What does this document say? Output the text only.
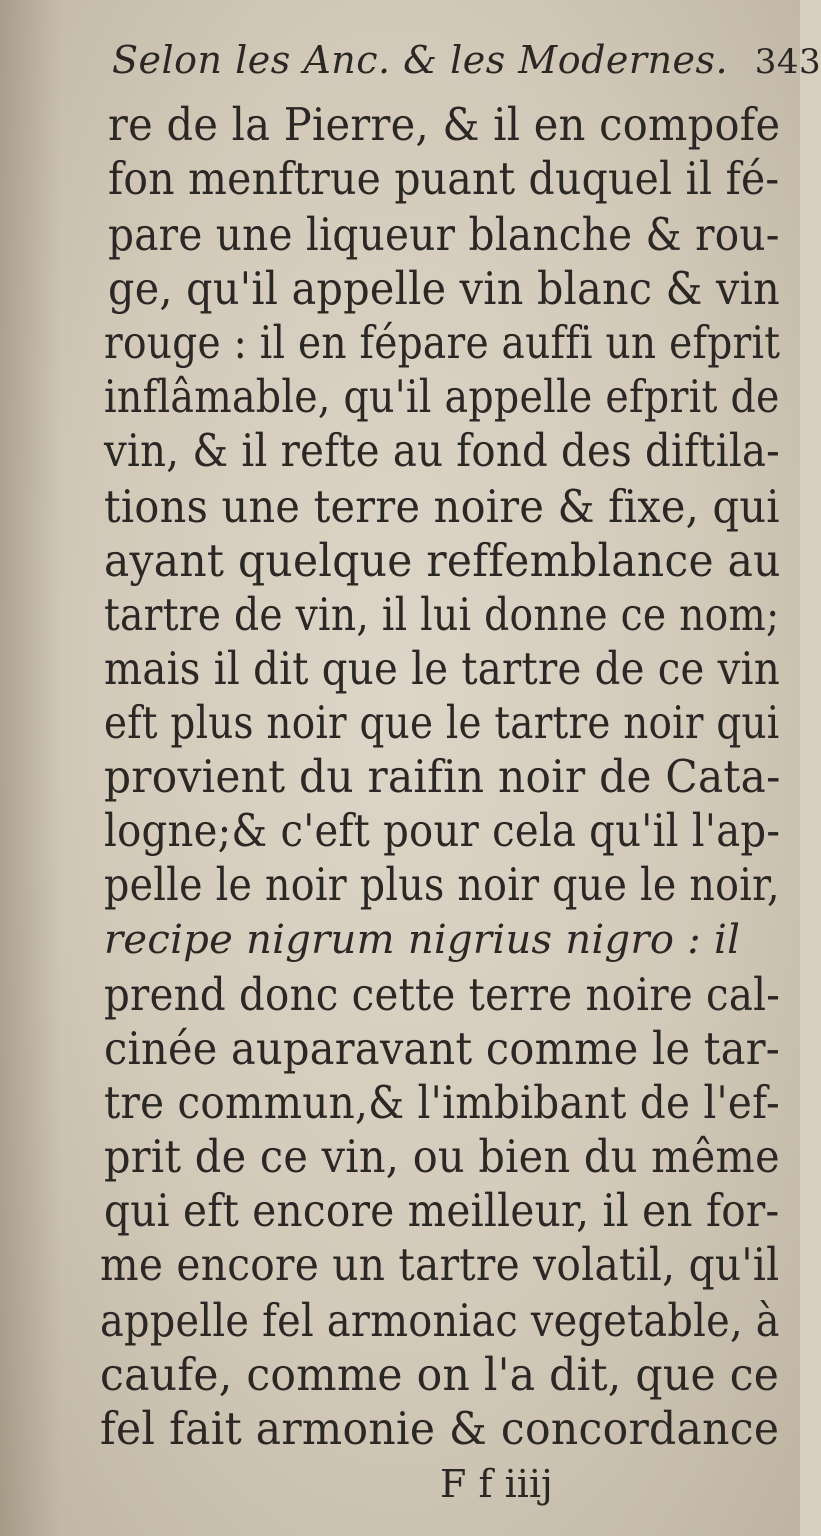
Selon les Anc. & les Modernes. 343
re de la Pierre, & il en compofe
fon menftrue puant duquel il fé-
pare une liqueur blanche & rou-
ge, qu'il appelle vin blanc & vin
rouge : il en fépare auffi un efprit
inflâmable, qu'il appelle efprit de
vin, & il refte au fond des diftila-
tions une terre noire & fixe, qui
ayant quelque reffemblance au
tartre de vin, il lui donne ce nom;
mais il dit que le tartre de ce vin
eft plus noir que le tartre noir qui
provient du raifin noir de Cata-
logne;& c'eft pour cela qu'il l'ap-
pelle le noir plus noir que le noir,
recipe nigrum nigrius nigro : il
prend donc cette terre noire cal-
cinée auparavant comme le tar-
tre commun,& l'imbibant de l'ef-
prit de ce vin, ou bien du même
qui eft encore meilleur, il en for-
me encore un tartre volatil, qu'il
appelle fel armoniac vegetable, à
caufe, comme on l'a dit, que ce
fel fait armonie & concordance
F f iiij
